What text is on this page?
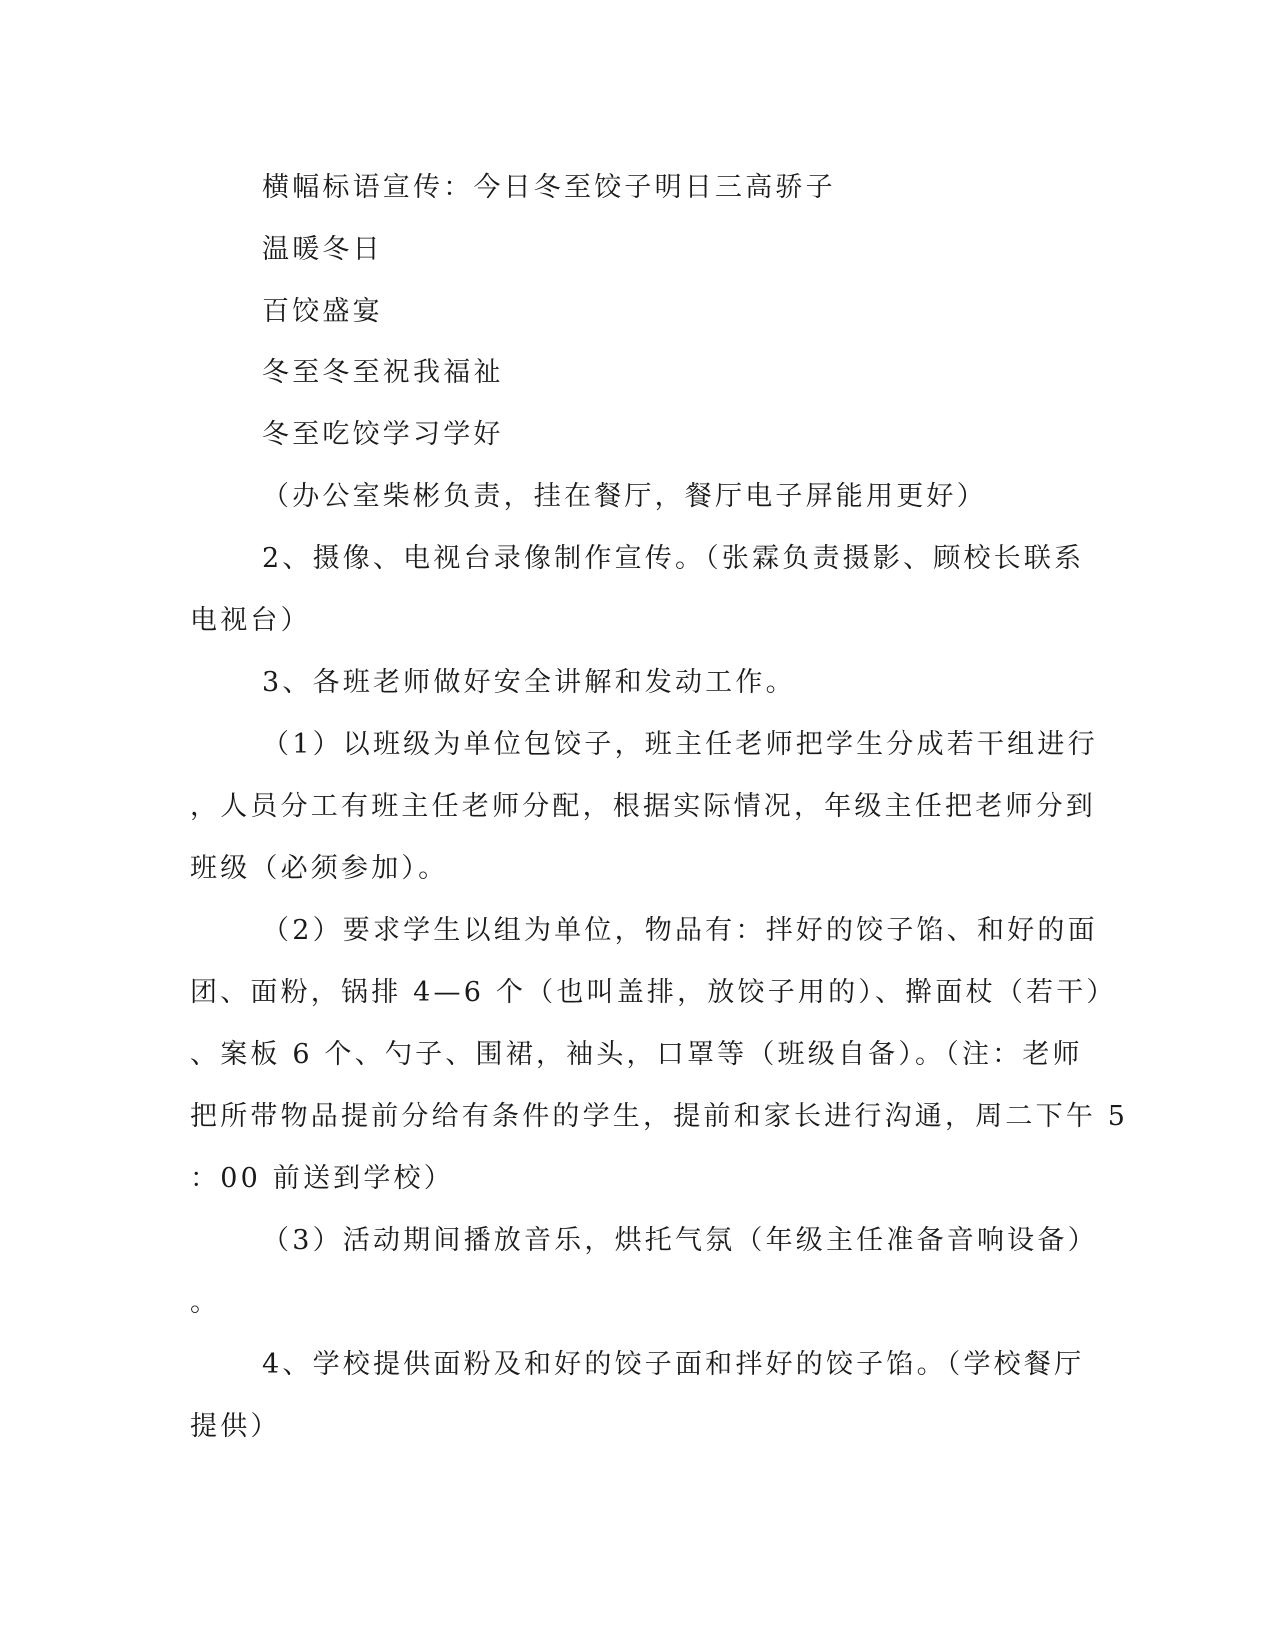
横幅标语宣传：今日冬至饺子明日三高骄子
温暖冬日
百饺盛宴
冬至冬至祝我福祉
冬至吃饺学习学好
（办公室柴彬负责，挂在餐厅，餐厅电子屏能用更好）
2、摄像、电视台录像制作宣传。（张霖负责摄影、顾校长联系
电视台）
3、各班老师做好安全讲解和发动工作。
（1）以班级为单位包饺子，班主任老师把学生分成若干组进行
，人员分工有班主任老师分配，根据实际情况，年级主任把老师分到
班级（必须参加）。
（2）要求学生以组为单位，物品有：拌好的饺子馅、和好的面
团、面粉，锅排 4—6 个（也叫盖排，放饺子用的）、擀面杖（若干）
、案板 6 个、勺子、围裙，袖头，口罩等（班级自备）。（注：老师
把所带物品提前分给有条件的学生，提前和家长进行沟通，周二下午 5
：00 前送到学校）
（3）活动期间播放音乐，烘托气氛（年级主任准备音响设备）
。
4、学校提供面粉及和好的饺子面和拌好的饺子馅。（学校餐厅
提供）
